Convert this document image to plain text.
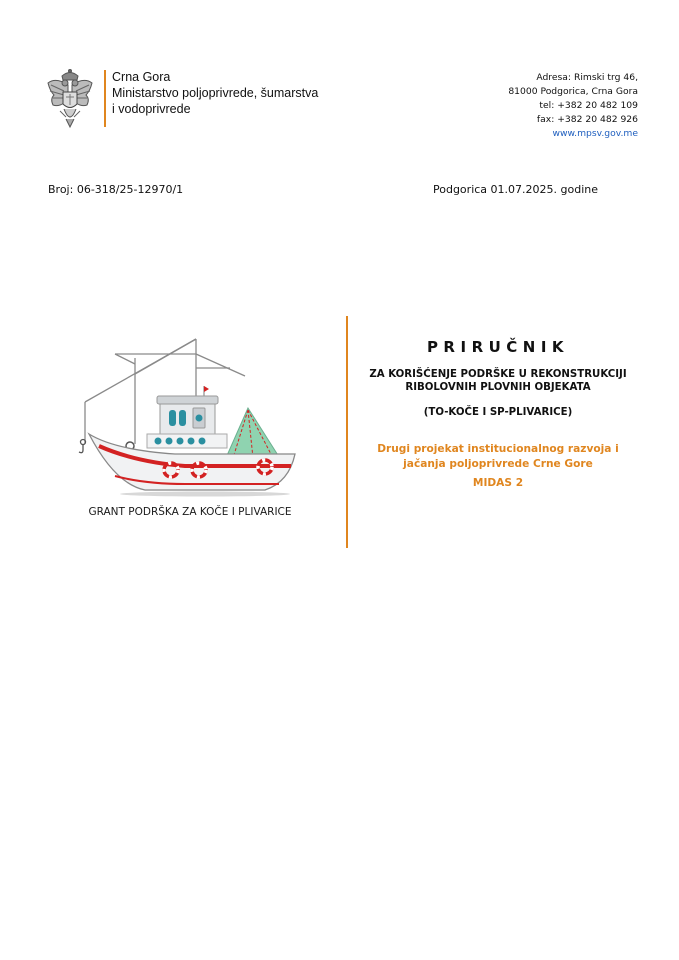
Crna Gora
Ministarstvo poljoprivrede, šumarstva
i vodoprivrede
Adresa: Rimski trg 46,
81000 Podgorica, Crna Gora
tel: +382 20 482 109
fax: +382 20 482 926
www.mpsv.gov.me
Broj: 06-318/25-12970/1	Podgorica 01.07.2025. godine
GRANT PODRŠKA ZA KOČE I PLIVARICE
PRIRUČNIK
ZA KORIŠĆENJE PODRŠKE U REKONSTRUKCIJI RIBOLOVNIH PLOVNIH OBJEKATA
(TO-KOČE I SP-PLIVARICE)
Drugi projekat institucionalnog razvoja i jačanja poljoprivrede Crne Gore
MIDAS 2
